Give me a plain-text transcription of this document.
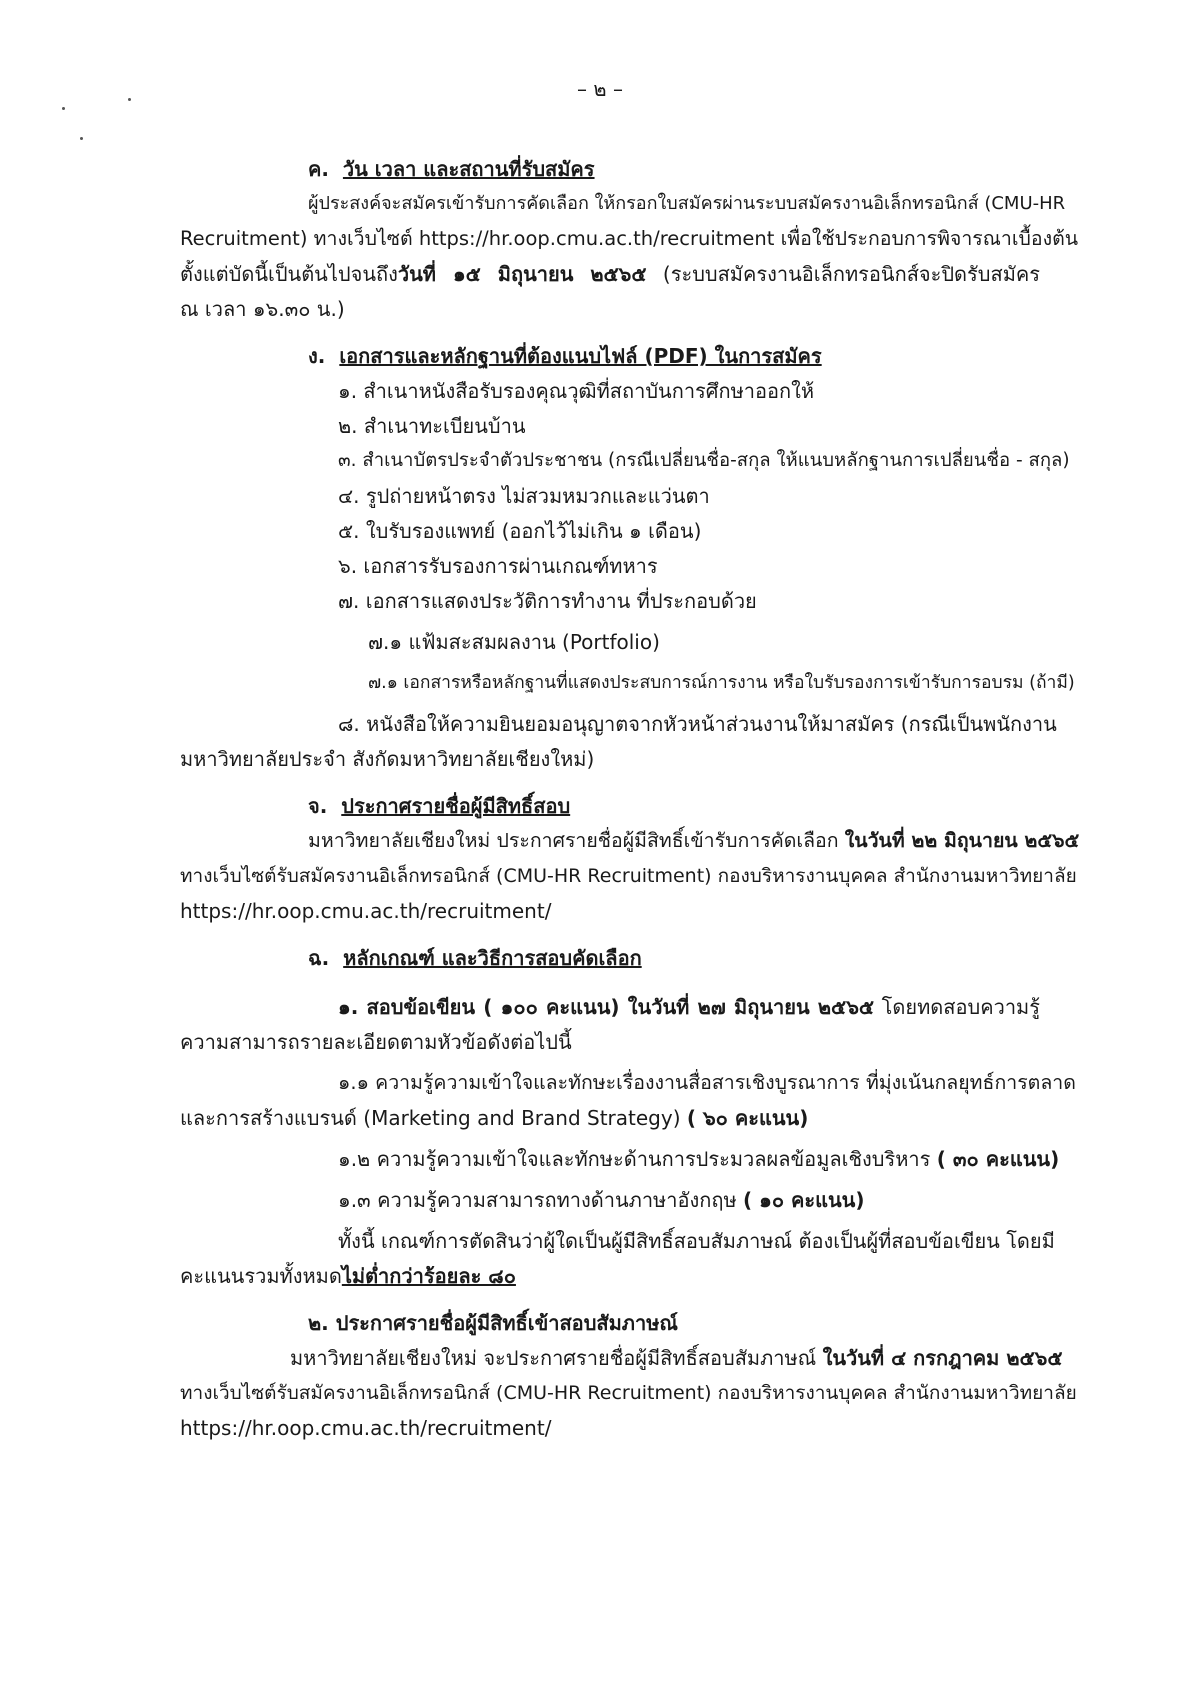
– ๒ –
ค. วัน เวลา และสถานที่รับสมัคร
ผู้ประสงค์จะสมัครเข้ารับการคัดเลือก ให้กรอกใบสมัครผ่านระบบสมัครงานอิเล็กทรอนิกส์ (CMU-HR
Recruitment) ทางเว็บไซต์ https://hr.oop.cmu.ac.th/recruitment เพื่อใช้ประกอบการพิจารณาเบื้องต้น
ตั้งแต่บัดนี้เป็นต้นไปจนถึงวันที่ ๑๕ มิถุนายน ๒๕๖๕ (ระบบสมัครงานอิเล็กทรอนิกส์จะปิดรับสมัคร
ณ เวลา ๑๖.๓๐ น.)
ง. เอกสารและหลักฐานที่ต้องแนบไฟล์ (PDF) ในการสมัคร
๑. สำเนาหนังสือรับรองคุณวุฒิที่สถาบันการศึกษาออกให้
๒. สำเนาทะเบียนบ้าน
๓. สำเนาบัตรประจำตัวประชาชน (กรณีเปลี่ยนชื่อ-สกุล ให้แนบหลักฐานการเปลี่ยนชื่อ - สกุล)
๔. รูปถ่ายหน้าตรง ไม่สวมหมวกและแว่นตา
๕. ใบรับรองแพทย์ (ออกไว้ไม่เกิน ๑ เดือน)
๖. เอกสารรับรองการผ่านเกณฑ์ทหาร
๗. เอกสารแสดงประวัติการทำงาน ที่ประกอบด้วย
๗.๑ แฟ้มสะสมผลงาน (Portfolio)
๗.๑ เอกสารหรือหลักฐานที่แสดงประสบการณ์การงาน หรือใบรับรองการเข้ารับการอบรม (ถ้ามี)
๘. หนังสือให้ความยินยอมอนุญาตจากหัวหน้าส่วนงานให้มาสมัคร (กรณีเป็นพนักงาน
มหาวิทยาลัยประจำ สังกัดมหาวิทยาลัยเชียงใหม่)
จ. ประกาศรายชื่อผู้มีสิทธิ์สอบ
มหาวิทยาลัยเชียงใหม่ ประกาศรายชื่อผู้มีสิทธิ์เข้ารับการคัดเลือก ในวันที่ ๒๒ มิถุนายน ๒๕๖๕
ทางเว็บไซต์รับสมัครงานอิเล็กทรอนิกส์ (CMU-HR Recruitment) กองบริหารงานบุคคล สำนักงานมหาวิทยาลัย
https://hr.oop.cmu.ac.th/recruitment/
ฉ. หลักเกณฑ์ และวิธีการสอบคัดเลือก
๑. สอบข้อเขียน ( ๑๐๐ คะแนน) ในวันที่ ๒๗ มิถุนายน ๒๕๖๕ โดยทดสอบความรู้
ความสามารถรายละเอียดตามหัวข้อดังต่อไปนี้
๑.๑ ความรู้ความเข้าใจและทักษะเรื่องงานสื่อสารเชิงบูรณาการ ที่มุ่งเน้นกลยุทธ์การตลาด
และการสร้างแบรนด์ (Marketing and Brand Strategy) ( ๖๐ คะแนน)
๑.๒ ความรู้ความเข้าใจและทักษะด้านการประมวลผลข้อมูลเชิงบริหาร ( ๓๐ คะแนน)
๑.๓ ความรู้ความสามารถทางด้านภาษาอังกฤษ ( ๑๐ คะแนน)
ทั้งนี้ เกณฑ์การตัดสินว่าผู้ใดเป็นผู้มีสิทธิ์สอบสัมภาษณ์ ต้องเป็นผู้ที่สอบข้อเขียน โดยมี
คะแนนรวมทั้งหมดไม่ต่ำกว่าร้อยละ ๘๐
๒. ประกาศรายชื่อผู้มีสิทธิ์เข้าสอบสัมภาษณ์
มหาวิทยาลัยเชียงใหม่ จะประกาศรายชื่อผู้มีสิทธิ์สอบสัมภาษณ์ ในวันที่ ๔ กรกฎาคม ๒๕๖๕
ทางเว็บไซต์รับสมัครงานอิเล็กทรอนิกส์ (CMU-HR Recruitment) กองบริหารงานบุคคล สำนักงานมหาวิทยาลัย
https://hr.oop.cmu.ac.th/recruitment/
